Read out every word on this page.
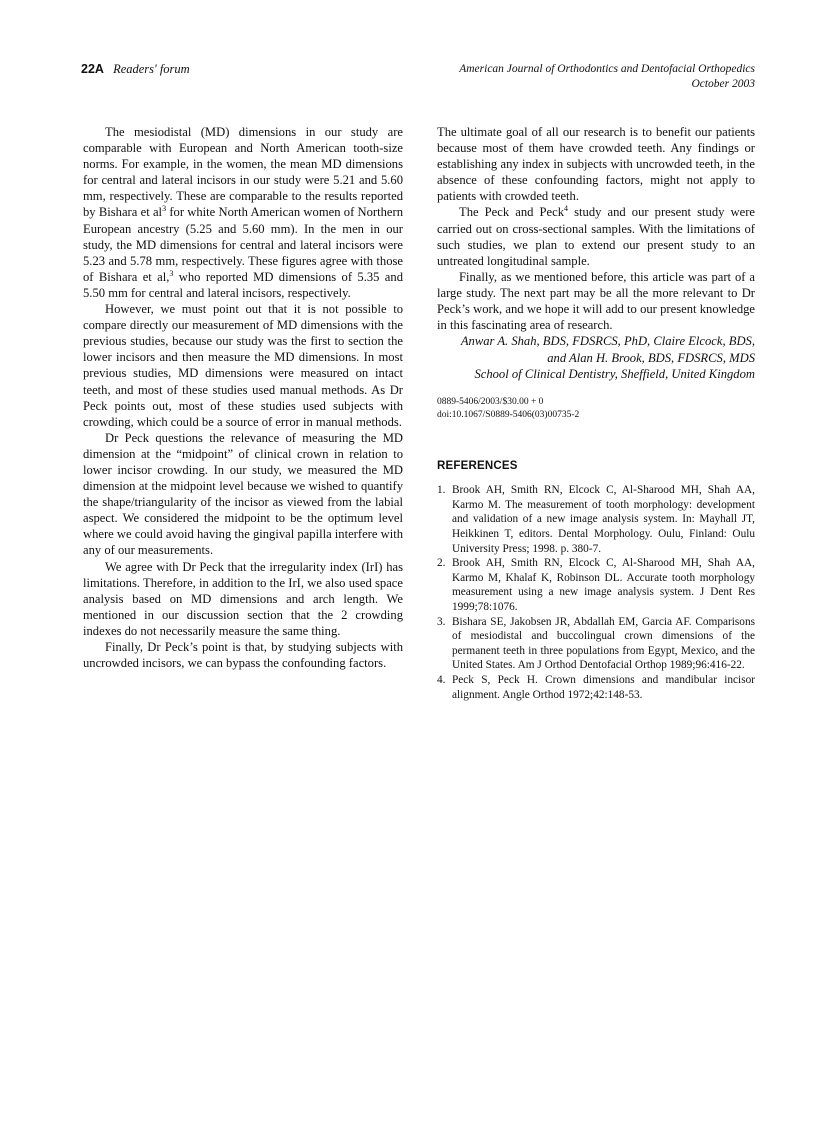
22A Readers' forum	American Journal of Orthodontics and Dentofacial Orthopedics
October 2003

The mesiodistal (MD) dimensions in our study are comparable with European and North American tooth-size norms. For example, in the women, the mean MD dimensions for central and lateral incisors in our study were 5.21 and 5.60 mm, respectively. These are comparable to the results reported by Bishara et $al^3$ for white North American women of Northern European ancestry (5.25 and 5.60 mm). In the men in our study, the MD dimensions for central and lateral incisors were 5.23 and 5.78 mm, respectively. These figures agree with those of Bishara et al,$^3$ who reported MD dimensions of 5.35 and 5.50 mm for central and lateral incisors, respectively.

However, we must point out that it is not possible to compare directly our measurement of MD dimensions with the previous studies, because our study was the first to section the lower incisors and then measure the MD dimensions. In most previous studies, MD dimensions were measured on intact teeth, and most of these studies used manual methods. As Dr Peck points out, most of these studies used subjects with crowding, which could be a source of error in manual methods.

Dr Peck questions the relevance of measuring the MD dimension at the “midpoint” of clinical crown in relation to lower incisor crowding. In our study, we measured the MD dimension at the midpoint level because we wished to quantify the shape/triangularity of the incisor as viewed from the labial aspect. We considered the midpoint to be the optimum level where we could avoid having the gingival papilla interfere with any of our measurements.

We agree with Dr Peck that the irregularity index (IrI) has limitations. Therefore, in addition to the IrI, we also used space analysis based on MD dimensions and arch length. We mentioned in our discussion section that the 2 crowding indexes do not necessarily measure the same thing.

Finally, Dr Peck’s point is that, by studying subjects with uncrowded incisors, we can bypass the confounding factors.

The ultimate goal of all our research is to benefit our patients because most of them have crowded teeth. Any findings or establishing any index in subjects with uncrowded teeth, in the absence of these confounding factors, might not apply to patients with crowded teeth.

The Peck and Peck$^4$ study and our present study were carried out on cross-sectional samples. With the limitations of such studies, we plan to extend our present study to an untreated longitudinal sample.

Finally, as we mentioned before, this article was part of a large study. The next part may be all the more relevant to Dr Peck’s work, and we hope it will add to our present knowledge in this fascinating area of research.

Anwar A. Shah, BDS, FDSRCS, PhD, Claire Elcock, BDS,

and Alan H. Brook, BDS, FDSRCS, MDS

School of Clinical Dentistry, Sheffield, United Kingdom

0889-5406/2003/$30.00 + 0
doi:10.1067/S0889-5406(03)00735-2
REFERENCES
1. Brook AH, Smith RN, Elcock C, Al-Sharood MH, Shah AA, Karmo M. The measurement of tooth morphology: development and validation of a new image analysis system. In: Mayhall JT, Heikkinen T, editors. Dental Morphology. Oulu, Finland: Oulu University Press; 1998. p. 380-7.
2. Brook AH, Smith RN, Elcock C, Al-Sharood MH, Shah AA, Karmo M, Khalaf K, Robinson DL. Accurate tooth morphology measurement using a new image analysis system. J Dent Res 1999;78:1076.
3. Bishara SE, Jakobsen JR, Abdallah EM, Garcia AF. Comparisons of mesiodistal and buccolingual crown dimensions of the permanent teeth in three populations from Egypt, Mexico, and the United States. Am J Orthod Dentofacial Orthop 1989;96:416-22.
4. Peck S, Peck H. Crown dimensions and mandibular incisor alignment. Angle Orthod 1972;42:148-53.
